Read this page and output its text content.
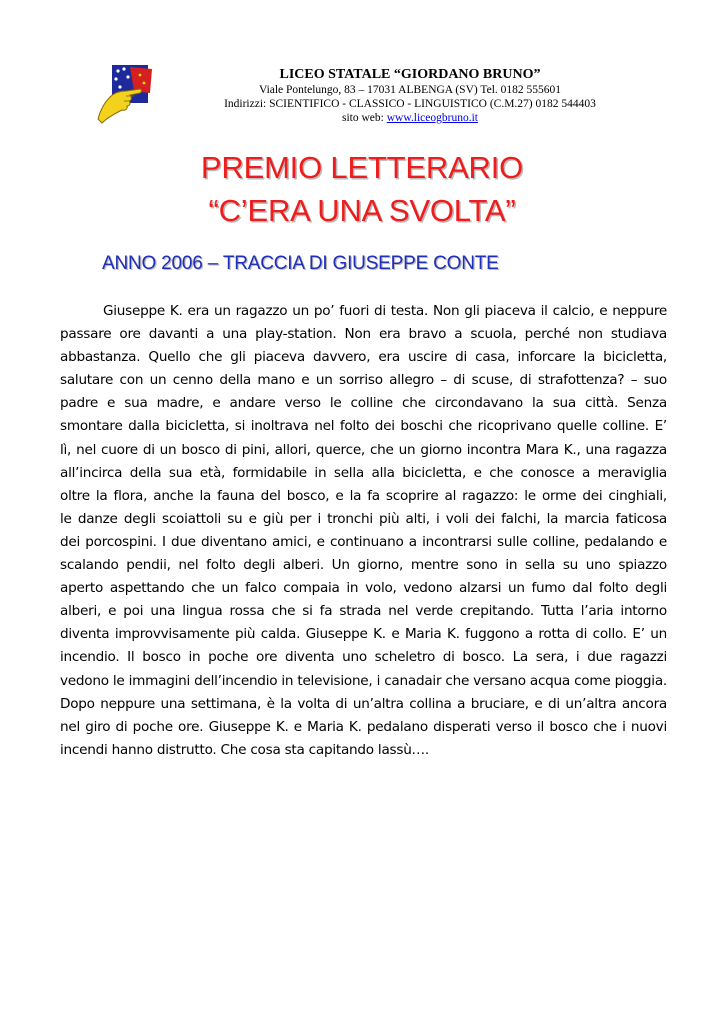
LICEO STATALE “GIORDANO BRUNO”
Viale Pontelungo, 83 – 17031 ALBENGA (SV) Tel. 0182 555601
Indirizzi: SCIENTIFICO - CLASSICO - LINGUISTICO (C.M.27) 0182 544403
sito web: www.liceogbruno.it
PREMIO LETTERARIO
“C’ERA UNA SVOLTA”
ANNO 2006 – TRACCIA DI GIUSEPPE CONTE
Giuseppe K. era un ragazzo un po’ fuori di testa. Non gli piaceva il calcio, e neppure
passare ore davanti a una play-station. Non era bravo a scuola, perché non studiava
abbastanza. Quello che gli piaceva davvero, era uscire di casa, inforcare la bicicletta,
salutare con un cenno della mano e un sorriso allegro – di scuse, di strafottenza? – suo
padre e sua madre, e andare verso le colline che circondavano la sua città. Senza
smontare dalla bicicletta, si inoltrava nel folto dei boschi che ricoprivano quelle colline. E’
lì, nel cuore di un bosco di pini, allori, querce, che un giorno incontra Mara K., una ragazza
all’incirca della sua età, formidabile in sella alla bicicletta, e che conosce a meraviglia
oltre la flora, anche la fauna del bosco, e la fa scoprire al ragazzo: le orme dei cinghiali,
le danze degli scoiattoli su e giù per i tronchi più alti, i voli dei falchi, la marcia faticosa
dei porcospini. I due diventano amici, e continuano a incontrarsi sulle colline, pedalando e
scalando pendii, nel folto degli alberi. Un giorno, mentre sono in sella su uno spiazzo
aperto aspettando che un falco compaia in volo, vedono alzarsi un fumo dal folto degli
alberi, e poi una lingua rossa che si fa strada nel verde crepitando. Tutta l’aria intorno
diventa improvvisamente più calda. Giuseppe K. e Maria K. fuggono a rotta di collo. E’ un
incendio. Il bosco in poche ore diventa uno scheletro di bosco. La sera, i due ragazzi
vedono le immagini dell’incendio in televisione, i canadair che versano acqua come pioggia.
Dopo neppure una settimana, è la volta di un’altra collina a bruciare, e di un’altra ancora
nel giro di poche ore. Giuseppe K. e Maria K. pedalano disperati verso il bosco che i nuovi
incendi hanno distrutto. Che cosa sta capitando lassù….
